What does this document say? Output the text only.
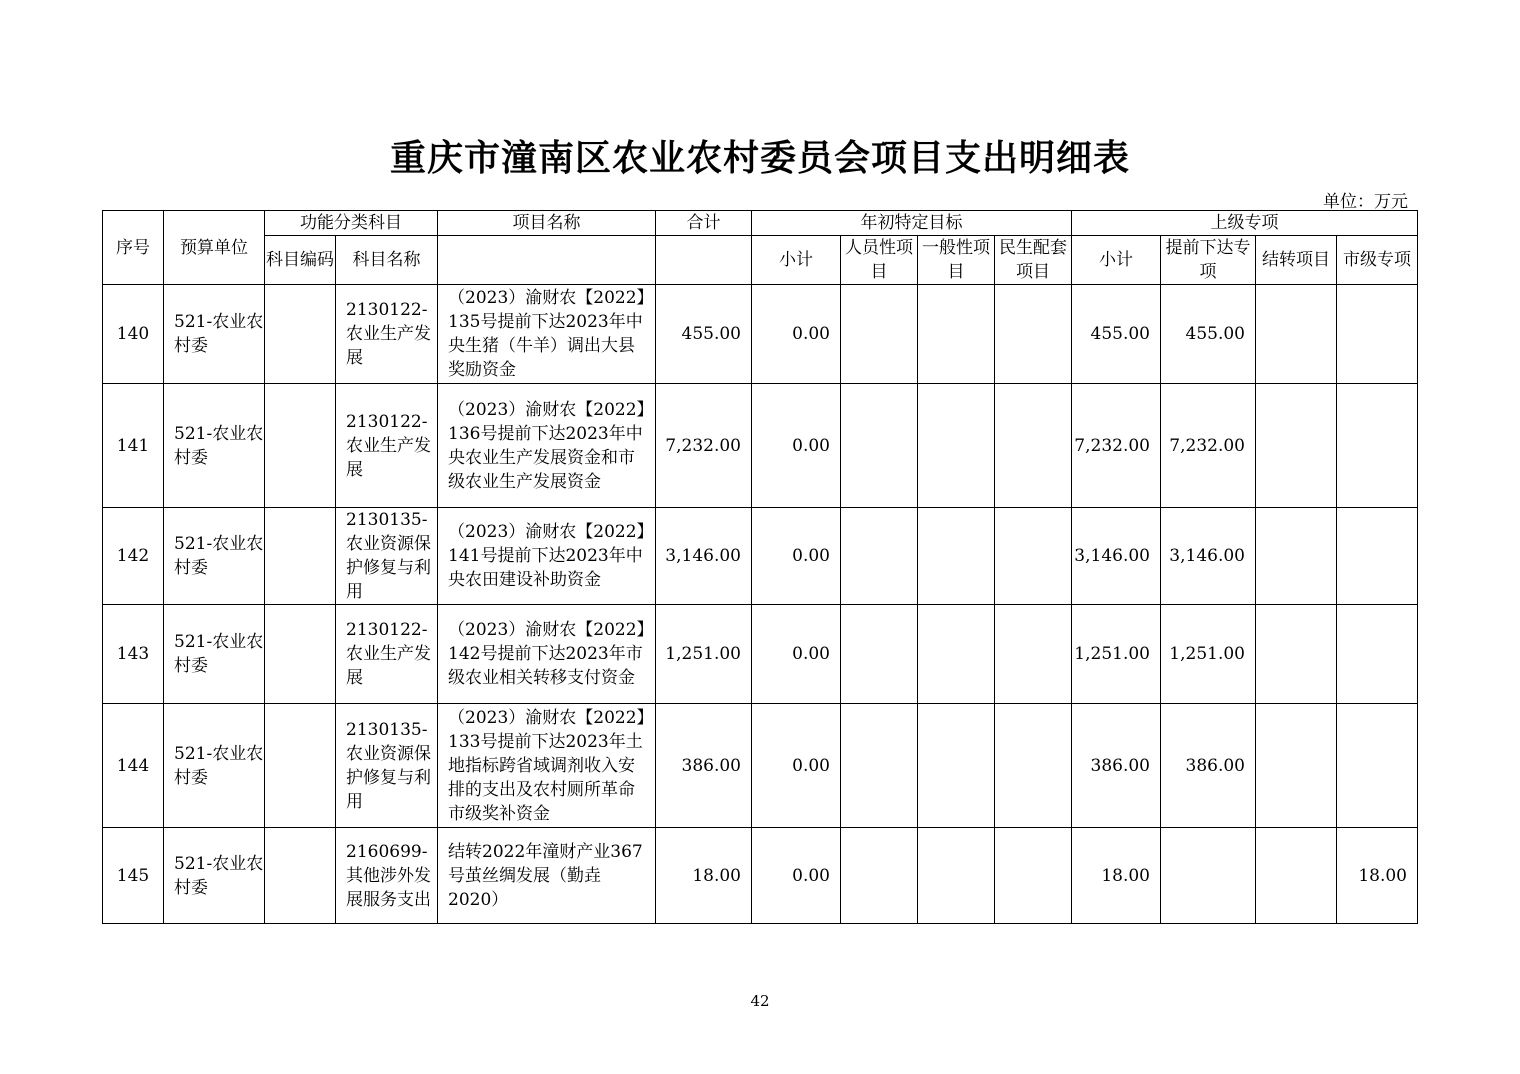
重庆市潼南区农业农村委员会项目支出明细表
单位：万元
序号	预算单位	功能分类科目		项目名称	合计	年初特定目标				上级专项			
		科目编码	科目名称			小计	人员性项目	一般性项目	民生配套项目	小计	提前下达专项	结转项目	市级专项
140	521-农业农村委		2130122-农业生产发展	（2023）渝财农【2022】135号提前下达2023年中央生猪（牛羊）调出大县奖励资金	455.00	0.00				455.00	455.00		
141	521-农业农村委		2130122-农业生产发展	（2023）渝财农【2022】136号提前下达2023年中央农业生产发展资金和市级农业生产发展资金	7,232.00	0.00				7,232.00	7,232.00		
142	521-农业农村委		2130135-农业资源保护修复与利用	（2023）渝财农【2022】141号提前下达2023年中央农田建设补助资金	3,146.00	0.00				3,146.00	3,146.00		
143	521-农业农村委		2130122-农业生产发展	（2023）渝财农【2022】142号提前下达2023年市级农业相关转移支付资金	1,251.00	0.00				1,251.00	1,251.00		
144	521-农业农村委		2130135-农业资源保护修复与利用	（2023）渝财农【2022】133号提前下达2023年土地指标跨省域调剂收入安排的支出及农村厕所革命市级奖补资金	386.00	0.00				386.00	386.00		
145	521-农业农村委		2160699-其他涉外发展服务支出	结转2022年潼财产业367号茧丝绸发展（勤垚2020）	18.00	0.00				18.00			18.00
42
